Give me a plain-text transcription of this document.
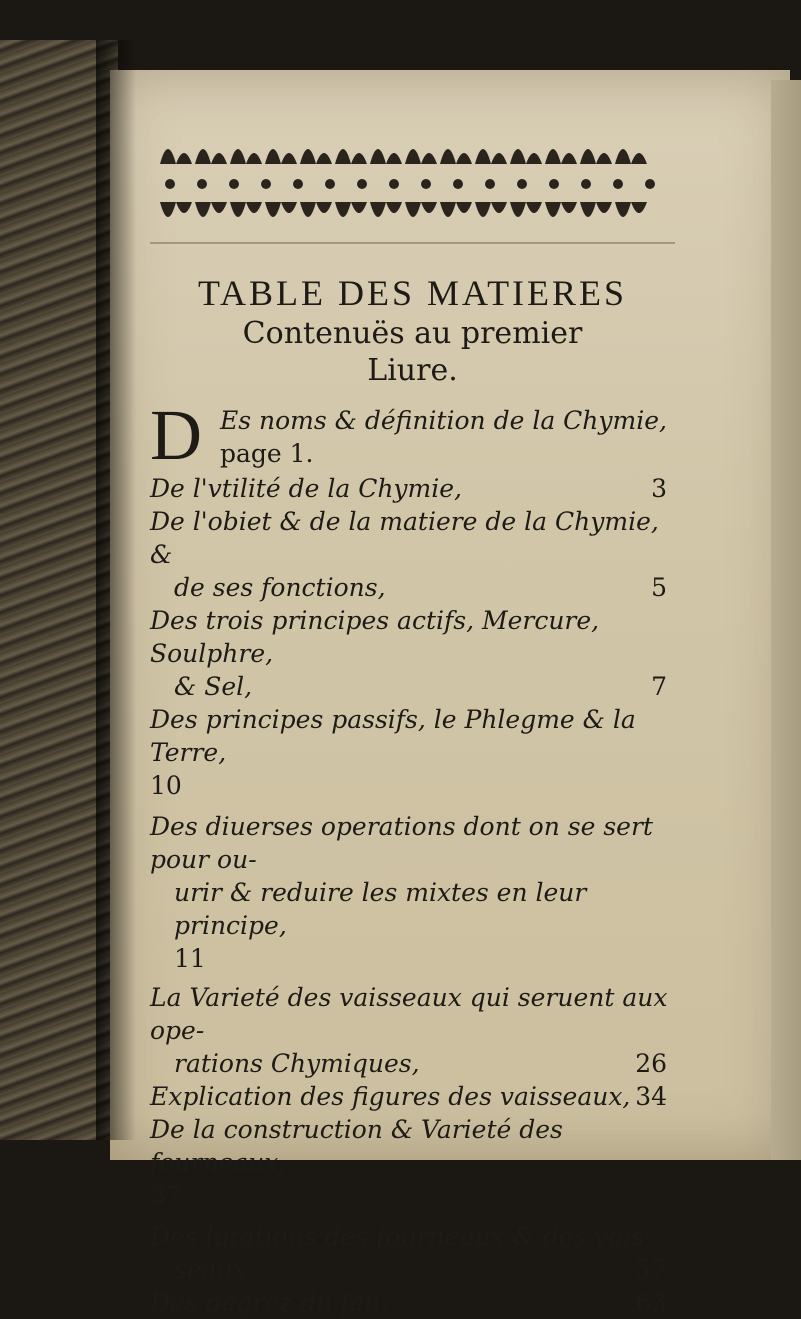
TABLE DES MATIERES
Contenuës au premier
Liure.
D Es noms & définition de la Chymie,
page 1.
De l'vtilité de la Chymie,	3
De l'obiet & de la matiere de la Chymie, &
de ses fonctions,	5
Des trois principes actifs, Mercure, Soulphre,
& Sel,	7
Des principes passifs, le Phlegme & la Terre,
10
Des diuerses operations dont on se sert pour ou-
urir & reduire les mixtes en leur principe,
11
La Varieté des vaisseaux qui seruent aux ope-
rations Chymiques,	26
Explication des figures des vaisseaux, 34
De la construction & Varieté des fourneaux,
37
Des lutations des fourneaux & des vais-
seaux,	57
Des degrez du feu,	63
